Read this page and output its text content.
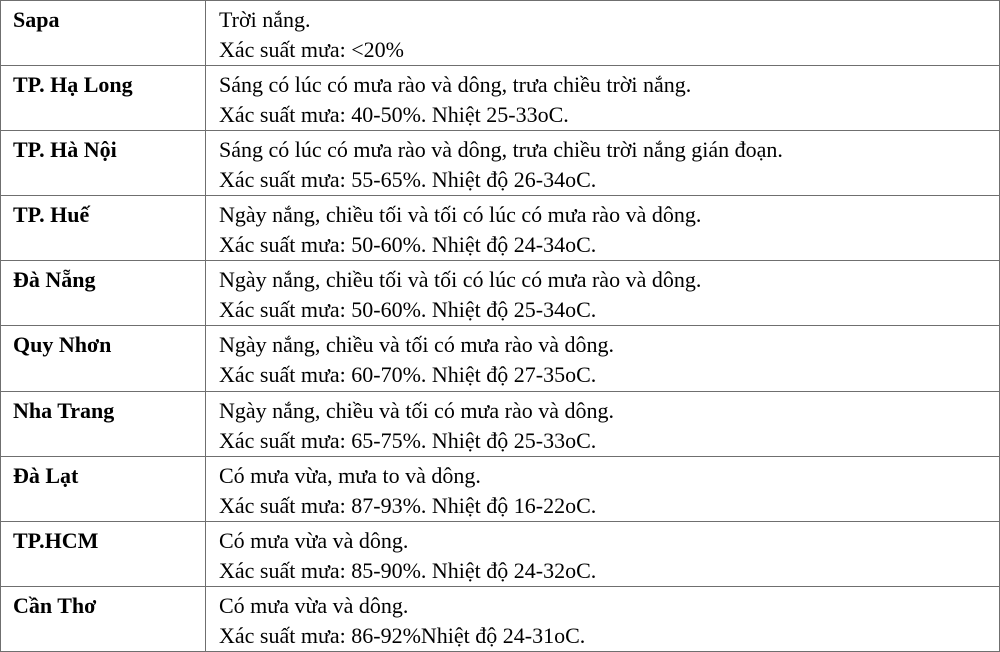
Sapa	Trời nắng.
Xác suất mưa: <20%

TP. Hạ Long	Sáng có lúc có mưa rào và dông, trưa chiều trời nắng.
Xác suất mưa: 40-50%. Nhiệt 25-33oC.

TP. Hà Nội	Sáng có lúc có mưa rào và dông, trưa chiều trời nắng gián đoạn.
Xác suất mưa: 55-65%. Nhiệt độ 26-34oC.

TP. Huế	Ngày nắng, chiều tối và tối có lúc có mưa rào và dông.
Xác suất mưa: 50-60%. Nhiệt độ 24-34oC.

Đà Nẵng	Ngày nắng, chiều tối và tối có lúc có mưa rào và dông.
Xác suất mưa: 50-60%. Nhiệt độ 25-34oC.

Quy Nhơn	Ngày nắng, chiều và tối có mưa rào và dông.
Xác suất mưa: 60-70%. Nhiệt độ 27-35oC.

Nha Trang	Ngày nắng, chiều và tối có mưa rào và dông.
Xác suất mưa: 65-75%. Nhiệt độ 25-33oC.

Đà Lạt	Có mưa vừa, mưa to và dông.
Xác suất mưa: 87-93%. Nhiệt độ 16-22oC.

TP.HCM	Có mưa vừa và dông.
Xác suất mưa: 85-90%. Nhiệt độ 24-32oC.

Cần Thơ	Có mưa vừa và dông.
Xác suất mưa: 86-92%Nhiệt độ 24-31oC.
